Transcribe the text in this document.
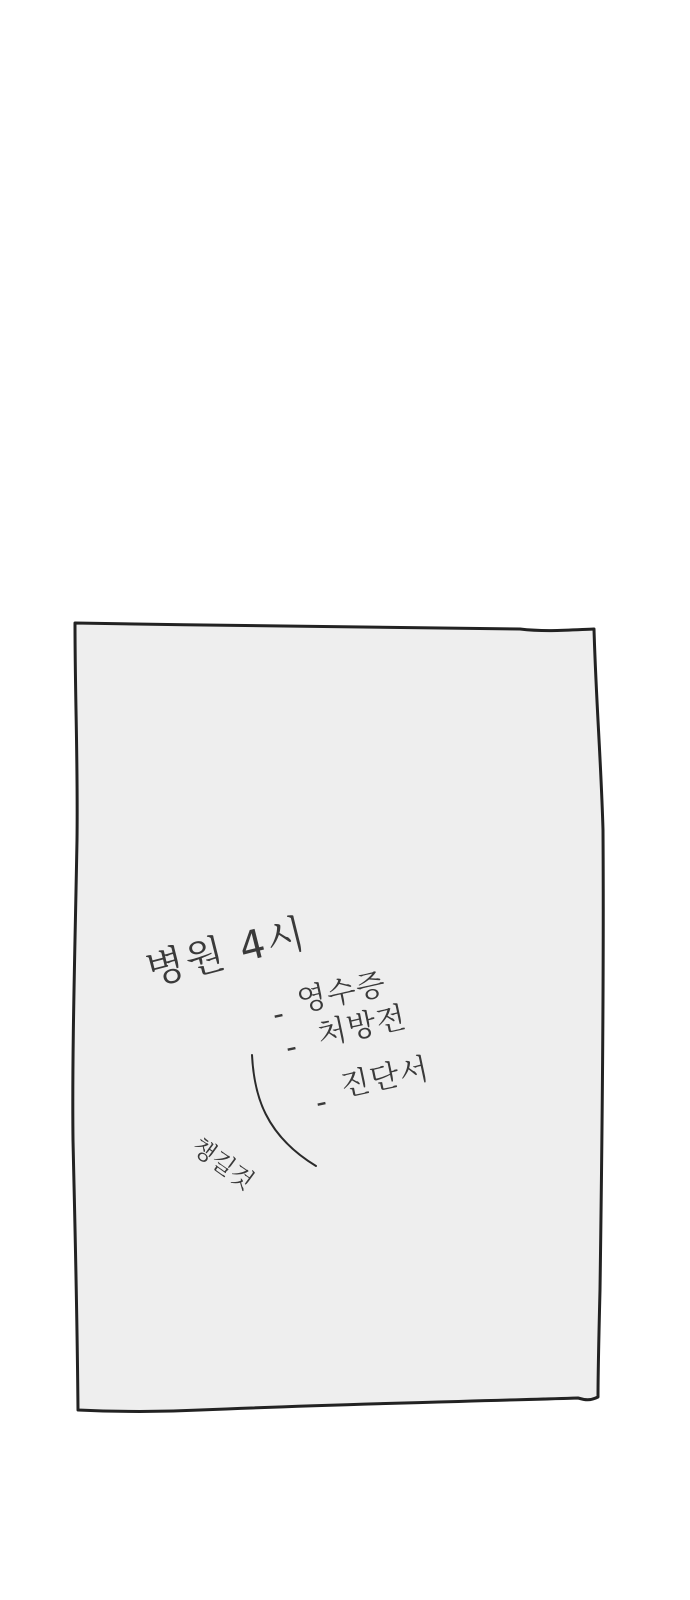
병원 4시
- 영수증
- 처방전
- 진단서
챙길것
